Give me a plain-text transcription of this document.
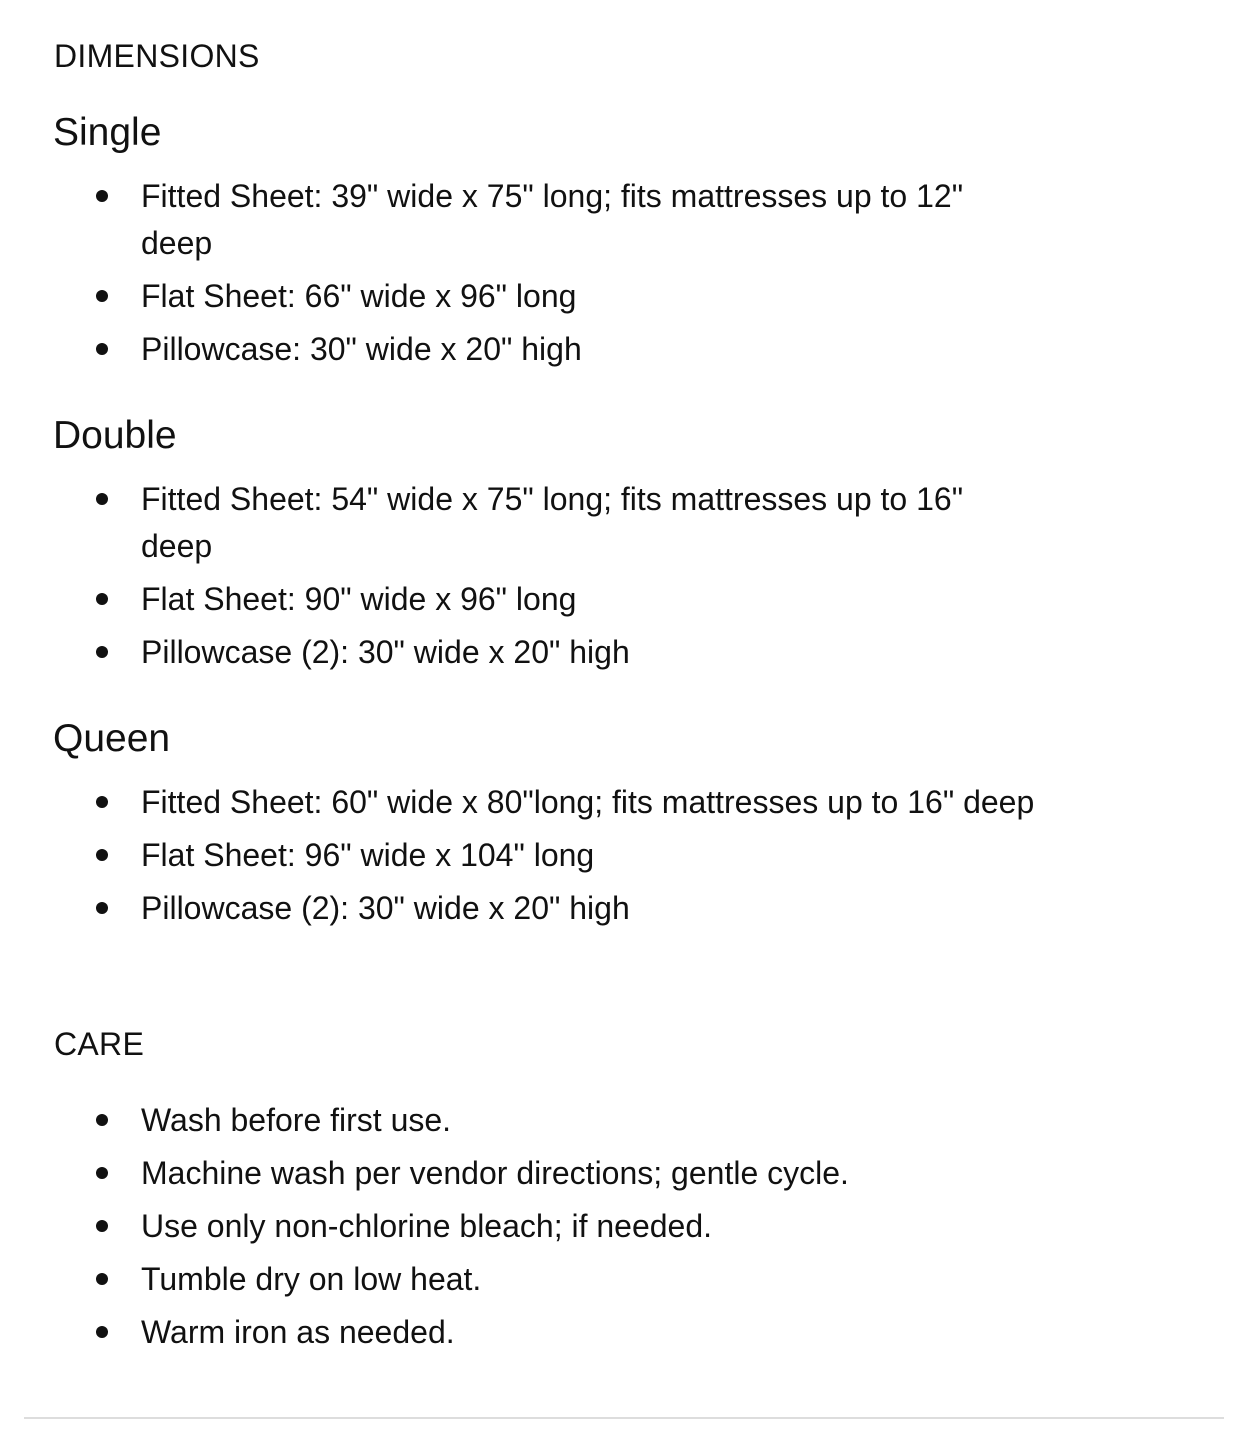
DIMENSIONS
Single
Fitted Sheet: 39" wide x 75" long; fits mattresses up to 12" deep
Flat Sheet: 66" wide x 96" long
Pillowcase: 30" wide x 20" high
Double
Fitted Sheet: 54" wide x 75" long; fits mattresses up to 16" deep
Flat Sheet: 90" wide x 96" long
Pillowcase (2): 30" wide x 20" high
Queen
Fitted Sheet: 60" wide x 80"long; fits mattresses up to 16" deep
Flat Sheet: 96" wide x 104" long
Pillowcase (2): 30" wide x 20" high
CARE
Wash before first use.
Machine wash per vendor directions; gentle cycle.
Use only non-chlorine bleach; if needed.
Tumble dry on low heat.
Warm iron as needed.
